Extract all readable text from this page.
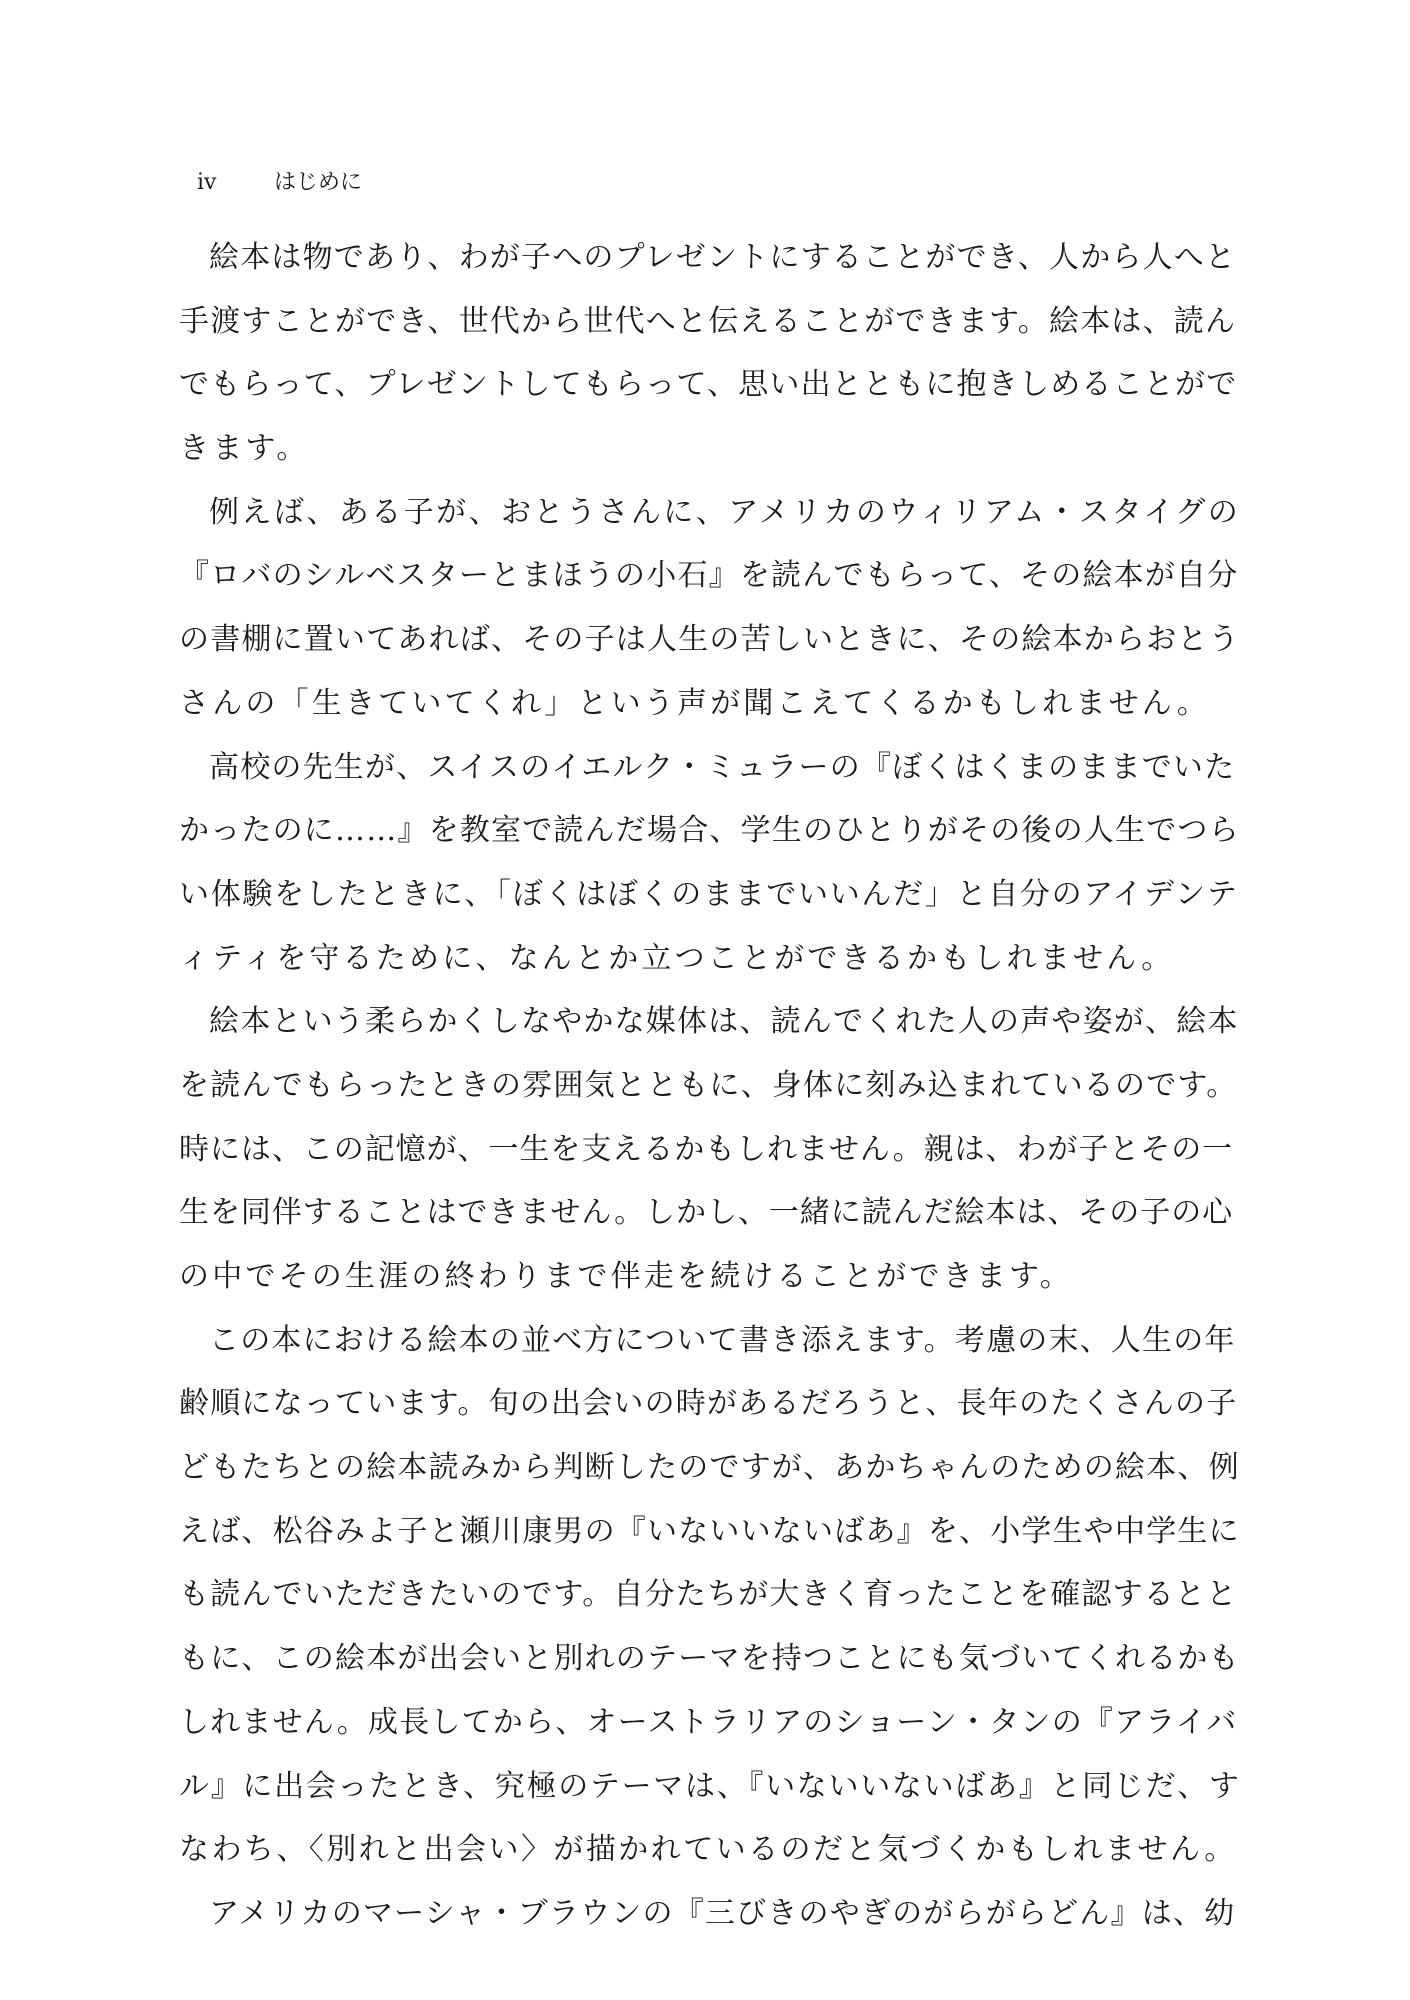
iv	はじめに
絵本は物であり、わが子へのプレゼントにすることができ、人から人へと
手渡すことができ、世代から世代へと伝えることができます。絵本は、読ん
でもらって、プレゼントしてもらって、思い出とともに抱きしめることがで
きます。
例えば、ある子が、おとうさんに、アメリカのウィリアム・スタイグの
『ロバのシルベスターとまほうの小石』を読んでもらって、その絵本が自分
の書棚に置いてあれば、その子は人生の苦しいときに、その絵本からおとう
さんの「生きていてくれ」という声が聞こえてくるかもしれません。
高校の先生が、スイスのイエルク・ミュラーの『ぼくはくまのままでいた
かったのに……』を教室で読んだ場合、学生のひとりがその後の人生でつら
い体験をしたときに、「ぼくはぼくのままでいいんだ」と自分のアイデンテ
ィティを守るために、なんとか立つことができるかもしれません。
絵本という柔らかくしなやかな媒体は、読んでくれた人の声や姿が、絵本
を読んでもらったときの雰囲気とともに、身体に刻み込まれているのです。
時には、この記憶が、一生を支えるかもしれません。親は、わが子とその一
生を同伴することはできません。しかし、一緒に読んだ絵本は、その子の心
の中でその生涯の終わりまで伴走を続けることができます。
この本における絵本の並べ方について書き添えます。考慮の末、人生の年
齢順になっています。旬の出会いの時があるだろうと、長年のたくさんの子
どもたちとの絵本読みから判断したのですが、あかちゃんのための絵本、例
えば、松谷みよ子と瀬川康男の『いないいないばあ』を、小学生や中学生に
も読んでいただきたいのです。自分たちが大きく育ったことを確認するとと
もに、この絵本が出会いと別れのテーマを持つことにも気づいてくれるかも
しれません。成長してから、オーストラリアのショーン・タンの『アライバ
ル』に出会ったとき、究極のテーマは、『いないいないばあ』と同じだ、す
なわち、〈別れと出会い〉が描かれているのだと気づくかもしれません。
アメリカのマーシャ・ブラウンの『三びきのやぎのがらがらどん』は、幼
